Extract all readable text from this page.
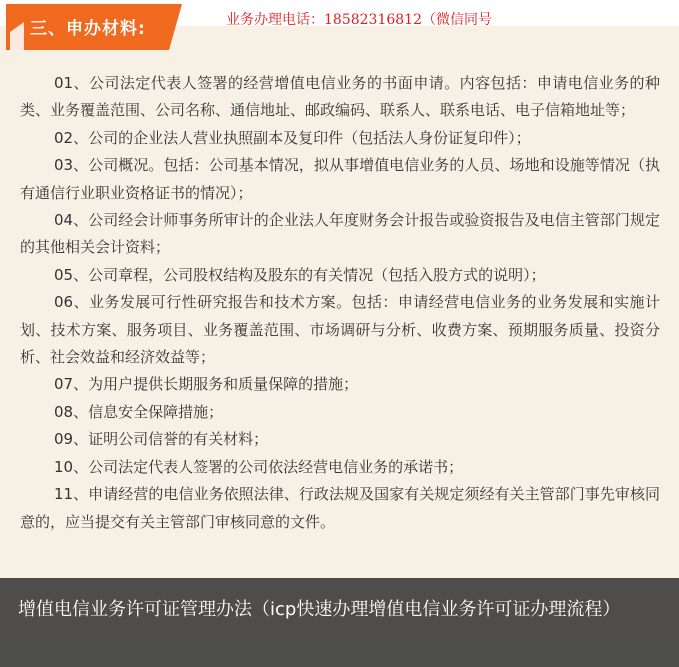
三、申办材料:	业务办理电话：18582316812（微信同号

01、公司法定代表人签署的经营增值电信业务的书面申请。内容包括：申请电信业务的种类、业务覆盖范围、公司名称、通信地址、邮政编码、联系人、联系电话、电子信箱地址等；

02、公司的企业法人营业执照副本及复印件（包括法人身份证复印件）；

03、公司概况。包括：公司基本情况，拟从事增值电信业务的人员、场地和设施等情况（执有通信行业职业资格证书的情况）；

04、公司经会计师事务所审计的企业法人年度财务会计报告或验资报告及电信主管部门规定的其他相关会计资料；

05、公司章程，公司股权结构及股东的有关情况（包括入股方式的说明）；

06、业务发展可行性研究报告和技术方案。包括：申请经营电信业务的业务发展和实施计划、技术方案、服务项目、业务覆盖范围、市场调研与分析、收费方案、预期服务质量、投资分析、社会效益和经济效益等；

07、为用户提供长期服务和质量保障的措施；

08、信息安全保障措施；

09、证明公司信誉的有关材料；

10、公司法定代表人签署的公司依法经营电信业务的承诺书；

11、申请经营的电信业务依照法律、行政法规及国家有关规定须经有关主管部门事先审核同意的，应当提交有关主管部门审核同意的文件。

增值电信业务许可证管理办法（icp快速办理增值电信业务许可证办理流程）
